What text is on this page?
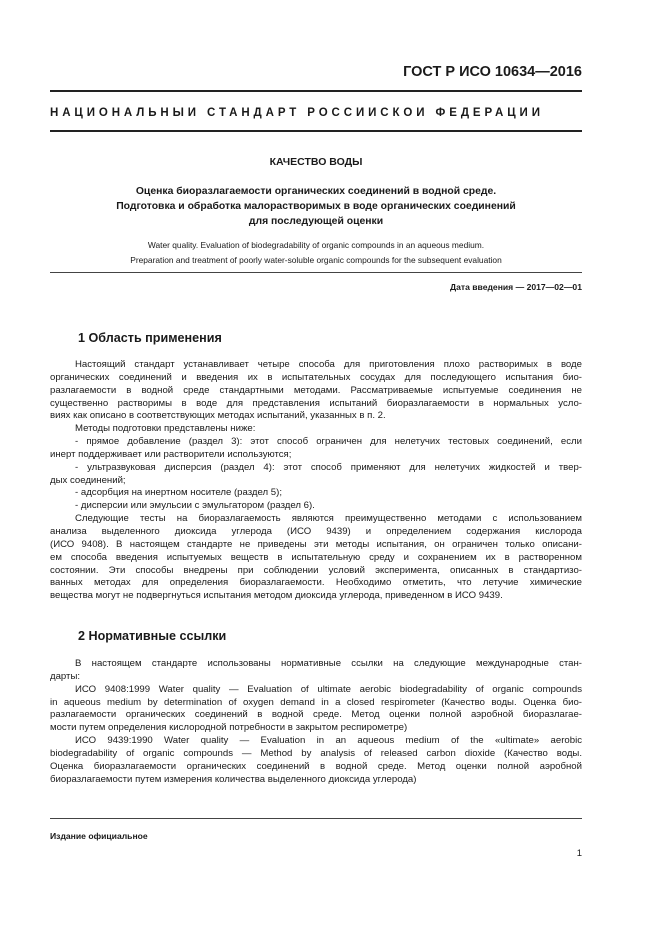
ГОСТ Р ИСО 10634—2016
НАЦИОНАЛЬНЫЙ СТАНДАРТ РОССИЙСКОЙ ФЕДЕРАЦИИ
КАЧЕСТВО ВОДЫ
Оценка биоразлагаемости органических соединений в водной среде.
Подготовка и обработка малорастворимых в воде органических соединений
для последующей оценки
Water quality. Evaluation of biodegradability of organic compounds in an aqueous medium.
Preparation and treatment of poorly water-soluble organic compounds for the subsequent evaluation
Дата введения — 2017—02—01
1 Область применения
Настоящий стандарт устанавливает четыре способа для приготовления плохо растворимых в воде
органических соединений и введения их в испытательных сосудах для последующего испытания био-
разлагаемости в водной среде стандартными методами. Рассматриваемые испытуемые соединения не
существенно растворимы в воде для представления испытаний биоразлагаемости в нормальных усло-
виях как описано в соответствующих методах испытаний, указанных в п. 2.
Методы подготовки представлены ниже:
- прямое добавление (раздел 3): этот способ ограничен для нелетучих тестовых соединений, если
инерт поддерживает или растворители используются;
- ультразвуковая дисперсия (раздел 4): этот способ применяют для нелетучих жидкостей и твер-
дых соединений;
- адсорбция на инертном носителе (раздел 5);
- дисперсии или эмульсии с эмульгатором (раздел 6).
Следующие тесты на биоразлагаемость являются преимущественно методами с использованием
анализа выделенного диоксида углерода (ИСО 9439) и определением содержания кислорода
(ИСО 9408). В настоящем стандарте не приведены эти методы испытания, он ограничен только описани-
ем способа введения испытуемых веществ в испытательную среду и сохранением их в растворенном
состоянии. Эти способы внедрены при соблюдении условий эксперимента, описанных в стандартизо-
ванных методах для определения биоразлагаемости. Необходимо отметить, что летучие химические
вещества могут не подвергнуться испытания методом диоксида углерода, приведенном в ИСО 9439.
2 Нормативные ссылки
В настоящем стандарте использованы нормативные ссылки на следующие международные стан-
дарты:
ИСО 9408:1999 Water quality — Evaluation of ultimate aerobic biodegradability of organic compounds
in aqueous medium by determination of oxygen demand in a closed respirometer (Качество воды. Оценка био-
разлагаемости органических соединений в водной среде. Метод оценки полной аэробной биоразлагае-
мости путем определения кислородной потребности в закрытом респирометре)
ИСО 9439:1990 Water quality — Evaluation in an aqueous medium of the «ultimate» aerobic
biodegradability of organic compounds — Method by analysis of released carbon dioxide (Качество воды.
Оценка биоразлагаемости органических соединений в водной среде. Метод оценки полной аэробной
биоразлагаемости путем измерения количества выделенного диоксида углерода)
Издание официальное
1
